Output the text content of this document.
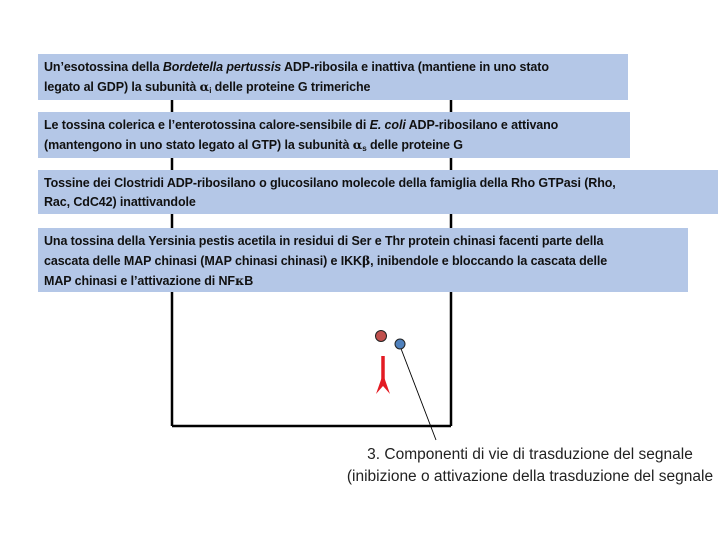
Un’esotossina della Bordetella pertussis ADP-ribosila e inattiva (mantiene in uno stato
legato al GDP) la subunità $\alpha_i$ delle proteine G trimeriche
Le tossina colerica e l’enterotossina calore-sensibile di E. coli ADP-ribosilano e attivano
(mantengono in uno stato legato al GTP) la subunità $\alpha_s$ delle proteine G
Tossine dei Clostridi ADP-ribosilano o glucosilano molecole della famiglia della Rho GTPasi (Rho,
Rac, CdC42) inattivandole
Una tossina della Yersinia pestis acetila in residui di Ser e Thr protein chinasi facenti parte della
cascata delle MAP chinasi (MAP chinasi chinasi) e IKKβ, inibendole e bloccando la cascata delle
MAP chinasi e l’attivazione di NFκB
3. Componenti di vie di trasduzione del segnale
(inibizione o attivazione della trasduzione del segnale
